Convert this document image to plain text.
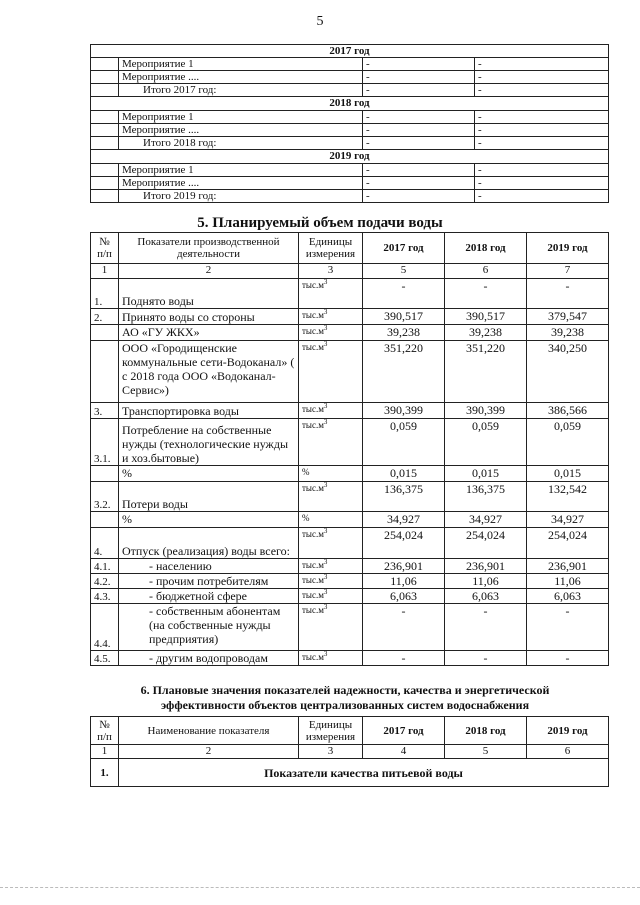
5
2017 год			
	Мероприятие 1	-	-
	Мероприятие ....	-	-
	Итого 2017 год:	-	-
2018 год			
	Мероприятие 1	-	-
	Мероприятие ....	-	-
	Итого 2018 год:	-	-
2019 год			
	Мероприятие 1	-	-
	Мероприятие ....	-	-
	Итого 2019 год:	-	-
5. Планируемый объем подачи воды
№ п/п	Показатели производственной деятельности	Единицы измерения	2017 год	2018 год	2019 год
1	2	3	5	6	7
1.	Поднято воды	$тыс.м^3$	-	-	-
2.	Принято воды со стороны	$тыс.м^3$	390,517	390,517	379,547
	АО «ГУ ЖКХ»	$тыс.м^3$	39,238	39,238	39,238
	ООО «Городищенские коммунальные сети-Водоканал» ( с 2018 года ООО «Водоканал-Сервис»)	$тыс.м^3$	351,220	351,220	340,250
3.	Транспортировка воды	$тыс.м^3$	390,399	390,399	386,566
3.1.	Потребление на собственные нужды (технологические нужды и хоз.бытовые)	$тыс.м^3$	0,059	0,059	0,059
	%	%	0,015	0,015	0,015
3.2.	Потери воды	$тыс.м^3$	136,375	136,375	132,542
	%	%	34,927	34,927	34,927
4.	Отпуск (реализация) воды всего:	$тыс.м^3$	254,024	254,024	254,024
4.1.	- населению	$тыс.м^3$	236,901	236,901	236,901
4.2.	- прочим потребителям	$тыс.м^3$	11,06	11,06	11,06
4.3.	- бюджетной сфере	$тыс.м^3$	6,063	6,063	6,063
4.4.	- собственным абонентам (на собственные нужды предприятия)	$тыс.м^3$	-	-	-
4.5.	- другим водопроводам	$тыс.м^3$	-	-	-
6. Плановые значения показателей надежности, качества и энергетической эффективности объектов централизованных систем водоснабжения
№ п/п	Наименование показателя	Единицы измерения	2017 год	2018 год	2019 год
1	2	3	4	5	6
1.	Показатели качества питьевой воды				
